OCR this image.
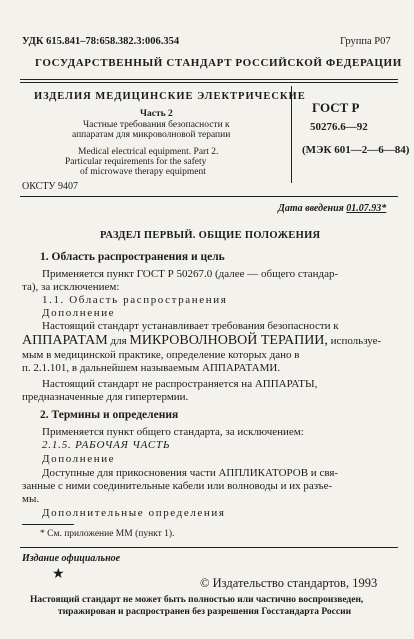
УДК 615.841–78:658.382.3:006.354	Группа Р07
ГОСУДАРСТВЕННЫЙ СТАНДАРТ РОССИЙСКОЙ ФЕДЕРАЦИИ
ИЗДЕЛИЯ МЕДИЦИНСКИЕ ЭЛЕКТРИЧЕСКИЕ
Часть 2
Частные требования безопасности к
аппаратам для микроволновой терапии
Medical electrical equipment. Part 2.
Particular requirements for the safety
of microwave therapy equipment
ГОСТ Р
50276.6—92
(МЭК 601—2—6—84)
ОКСТУ 9407
Дата введения 01.07.93*
РАЗДЕЛ ПЕРВЫЙ. ОБЩИЕ ПОЛОЖЕНИЯ
1. Область распространения и цель
Применяется пункт ГОСТ Р 50267.0 (далее — общего стандар-
та), за исключением:
1.1. Область распространения
Дополнение
Настоящий стандарт устанавливает требования безопасности к
АППАРАТАМ для МИКРОВОЛНОВОЙ ТЕРАПИИ, используе-
мым в медицинской практике, определение которых дано в
п. 2.1.101, в дальнейшем называемым АППАРАТАМИ.
Настоящий стандарт не распространяется на АППАРАТЫ,
предназначенные для гипертермии.
2. Термины и определения
Применяется пункт общего стандарта, за исключением:
2.1.5. РАБОЧАЯ ЧАСТЬ
Дополнение
Доступные для прикосновения части АППЛИКАТОРОВ и свя-
занные с ними соединительные кабели или волноводы и их разъе-
мы.
Дополнительные определения
* См. приложение ММ (пункт 1).
Издание официальное
★
© Издательство стандартов, 1993
Настоящий стандарт не может быть полностью или частично воспроизведен,
тиражирован и распространен без разрешения Госстандарта России
